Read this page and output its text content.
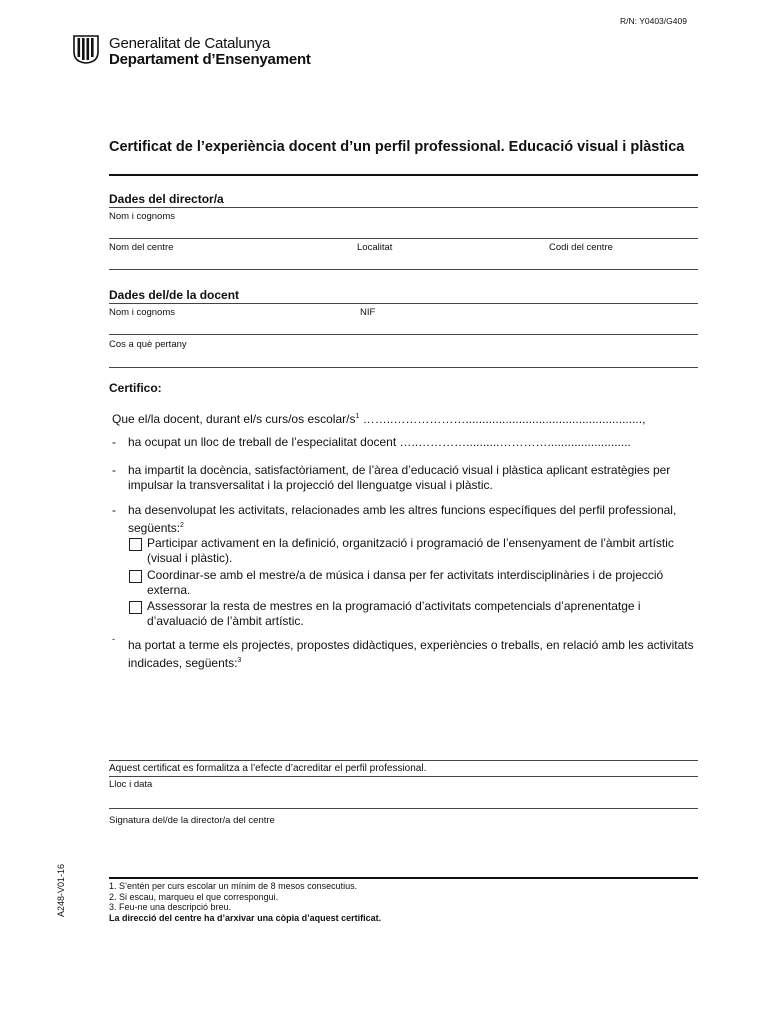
R/N: Y0403/G409
Generalitat de Catalunya
Departament d’Ensenyament
Certificat de l’experiència docent d’un perfil professional. Educació visual i plàstica
Dades del director/a
Nom i cognoms
Nom del centre	Localitat	Codi del centre
Dades del/de la docent
Nom i cognoms	NIF
Cos a què pertany
Certifico:
Que el/la docent, durant el/s curs/os escolar/$s^1$ ……..……………….....................................................,
- ha ocupat un lloc de treball de l’especialitat docent …..…………..........………….........................
- ha impartit la docència, satisfactòriament, de l’àrea d’educació visual i plàstica aplicant estratègies per impulsar la transversalitat i la projecció del llenguatge visual i plàstic.
- ha desenvolupat les activitats, relacionades amb les altres funcions específiques del perfil professional, següents:$^2$
Participar activament en la definició, organització i programació de l’ensenyament de l’àmbit artístic (visual i plàstic).
Coordinar-se amb el mestre/a de música i dansa per fer activitats interdisciplinàries i de projecció externa.
Assessorar la resta de mestres en la programació d’activitats competencials d’aprenentatge i d’avaluació de l’àmbit artístic.
- ha portat a terme els projectes, propostes didàctiques, experiències o treballs, en relació amb les activitats indicades, següents:$^3$
Aquest certificat es formalitza a l’efecte d’acreditar el perfil professional.
Lloc i data
Signatura del/de la director/a del centre
1. S’entén per curs escolar un mínim de 8 mesos consecutius.
2. Si escau, marqueu el que correspongui.
3. Feu-ne una descripció breu.
La direcció del centre ha d’arxivar una còpia d’aquest certificat.
A248-V01-16
